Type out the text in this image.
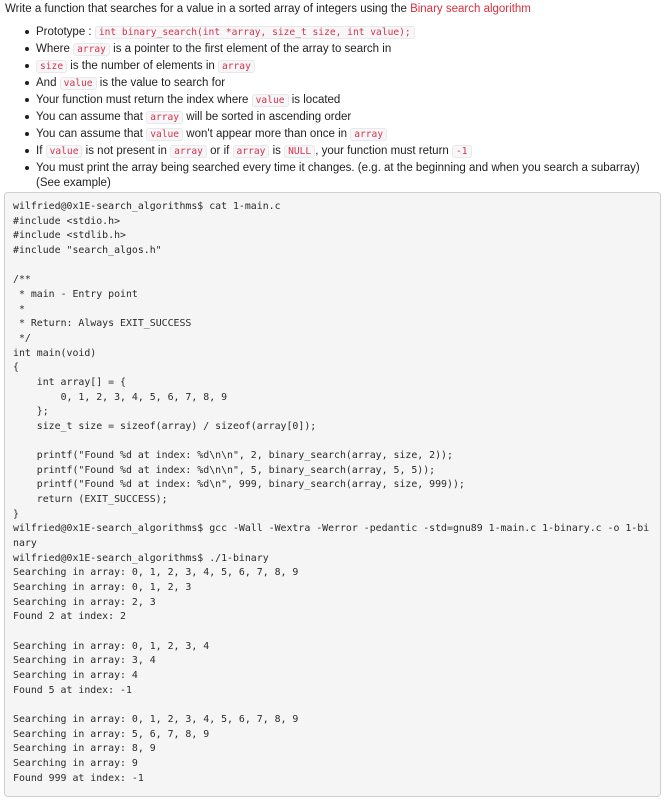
Write a function that searches for a value in a sorted array of integers using the Binary search algorithm
Prototype : int binary_search(int *array, size_t size, int value);
Where array is a pointer to the first element of the array to search in
size is the number of elements in array
And value is the value to search for
Your function must return the index where value is located
You can assume that array will be sorted in ascending order
You can assume that value won't appear more than once in array
If value is not present in array or if array is NULL , your function must return -1
You must print the array being searched every time it changes. (e.g. at the beginning and when you search a subarray) (See example)
wilfried@0x1E-search_algorithms$ cat 1-main.c
#include <stdio.h>
#include <stdlib.h>
#include "search_algos.h"

/**
* main - Entry point
*
* Return: Always EXIT_SUCCESS
*/
int main(void)
{
int array[] = {
0, 1, 2, 3, 4, 5, 6, 7, 8, 9
};
size_t size = sizeof(array) / sizeof(array[0]);

printf("Found %d at index: %d\n\n", 2, binary_search(array, size, 2));
printf("Found %d at index: %d\n\n", 5, binary_search(array, 5, 5));
printf("Found %d at index: %d\n", 999, binary_search(array, size, 999));
return (EXIT_SUCCESS);
}
wilfried@0x1E-search_algorithms$ gcc -Wall -Wextra -Werror -pedantic -std=gnu89 1-main.c 1-binary.c -o 1-binary
wilfried@0x1E-search_algorithms$ ./1-binary
Searching in array: 0, 1, 2, 3, 4, 5, 6, 7, 8, 9
Searching in array: 0, 1, 2, 3
Searching in array: 2, 3
Found 2 at index: 2

Searching in array: 0, 1, 2, 3, 4
Searching in array: 3, 4
Searching in array: 4
Found 5 at index: -1

Searching in array: 0, 1, 2, 3, 4, 5, 6, 7, 8, 9
Searching in array: 5, 6, 7, 8, 9
Searching in array: 8, 9
Searching in array: 9
Found 999 at index: -1
